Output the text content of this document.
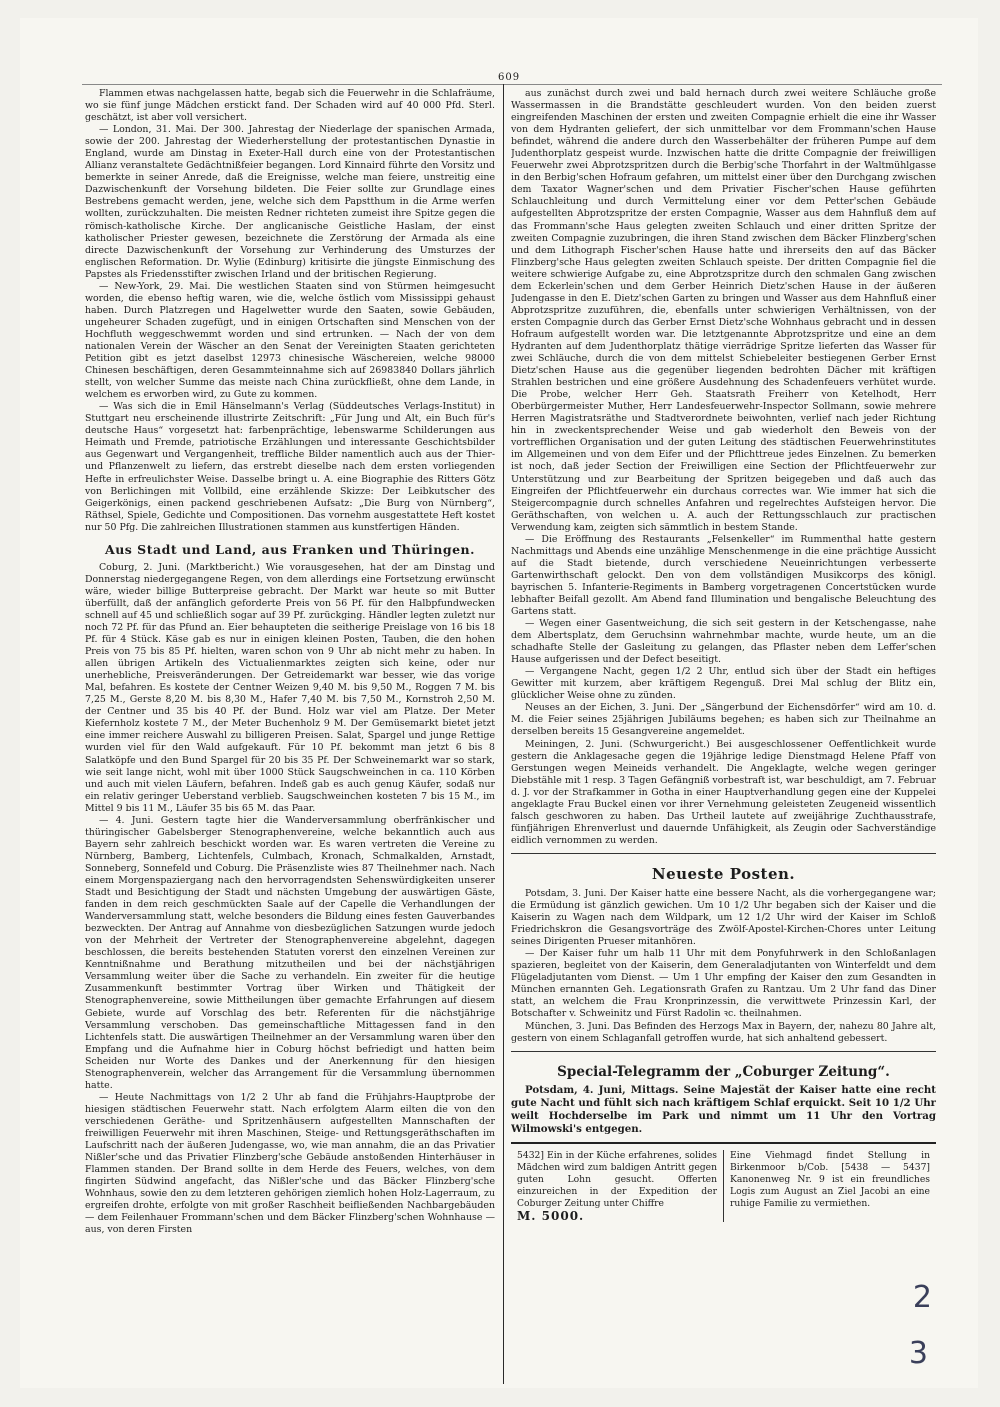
609

Flammen etwas nachgelassen hatte, begab sich die Feuerwehr in die Schlafräume, wo sie fünf junge Mädchen erstickt fand. Der Schaden wird auf 40 000 Pfd. Sterl. geschätzt, ist aber voll versichert.

— London, 31. Mai. Der 300. Jahrestag der Niederlage der spanischen Armada, sowie der 200. Jahrestag der Wiederherstellung der protestantischen Dynastie in England, wurde am Dinstag in Exeter-Hall durch eine von der Protestantischen Allianz veranstaltete Gedächtnißfeier begangen. Lord Kinnaird führte den Vorsitz und bemerkte in seiner Anrede, daß die Ereignisse, welche man feiere, unstreitig eine Dazwischenkunft der Vorsehung bildeten. Die Feier sollte zur Grundlage eines Bestrebens gemacht werden, jene, welche sich dem Papstthum in die Arme werfen wollten, zurückzuhalten. Die meisten Redner richteten zumeist ihre Spitze gegen die römisch-katholische Kirche. Der anglicanische Geistliche Haslam, der einst katholischer Priester gewesen, bezeichnete die Zerstörung der Armada als eine directe Dazwischenkunft der Vorsehung zur Verhinderung des Umsturzes der englischen Reformation. Dr. Wylie (Edinburg) kritisirte die jüngste Einmischung des Papstes als Friedensstifter zwischen Irland und der britischen Regierung.

— New-York, 29. Mai. Die westlichen Staaten sind von Stürmen heimgesucht worden, die ebenso heftig waren, wie die, welche östlich vom Mississippi gehaust haben. Durch Platzregen und Hagelwetter wurde den Saaten, sowie Gebäuden, ungeheurer Schaden zugefügt, und in einigen Ortschaften sind Menschen von der Hochfluth weggeschwemmt worden und sind ertrunken. — Nach der von dem nationalen Verein der Wäscher an den Senat der Vereinigten Staaten gerichteten Petition gibt es jetzt daselbst 12973 chinesische Wäschereien, welche 98000 Chinesen beschäftigen, deren Gesammteinnahme sich auf 26983840 Dollars jährlich stellt, von welcher Summe das meiste nach China zurückfließt, ohne dem Lande, in welchem es erworben wird, zu Gute zu kommen.

— Was sich die in Emil Hänselmann's Verlag (Süddeutsches Verlags-Institut) in Stuttgart neu erscheinende illustrirte Zeitschrift: „Für Jung und Alt, ein Buch für's deutsche Haus“ vorgesetzt hat: farbenprächtige, lebenswarme Schilderungen aus Heimath und Fremde, patriotische Erzählungen und interessante Geschichtsbilder aus Gegenwart und Vergangenheit, treffliche Bilder namentlich auch aus der Thier- und Pflanzenwelt zu liefern, das erstrebt dieselbe nach dem ersten vorliegenden Hefte in erfreulichster Weise. Dasselbe bringt u. A. eine Biographie des Ritters Götz von Berlichingen mit Vollbild, eine erzählende Skizze: Der Leibkutscher des Geigerkönigs, einen packend geschriebenen Aufsatz: „Die Burg von Nürnberg“, Räthsel, Spiele, Gedichte und Compositionen. Das vornehm ausgestattete Heft kostet nur 50 Pfg. Die zahlreichen Illustrationen stammen aus kunstfertigen Händen.

Aus Stadt und Land, aus Franken und Thüringen.

Coburg, 2. Juni. (Marktbericht.) Wie vorausgesehen, hat der am Dinstag und Donnerstag niedergegangene Regen, von dem allerdings eine Fortsetzung erwünscht wäre, wieder billige Butterpreise gebracht. Der Markt war heute so mit Butter überfüllt, daß der anfänglich geforderte Preis von 56 Pf. für den Halbpfundwecken schnell auf 45 und schließlich sogar auf 39 Pf. zurückging. Händler legten zuletzt nur noch 72 Pf. für das Pfund an. Eier behaupteten die seitherige Preislage von 16 bis 18 Pf. für 4 Stück. Käse gab es nur in einigen kleinen Posten, Tauben, die den hohen Preis von 75 bis 85 Pf. hielten, waren schon von 9 Uhr ab nicht mehr zu haben. In allen übrigen Artikeln des Victualienmarktes zeigten sich keine, oder nur unerhebliche, Preisveränderungen. Der Getreidemarkt war besser, wie das vorige Mal, befahren. Es kostete der Centner Weizen 9,40 M. bis 9,50 M., Roggen 7 M. bis 7,25 M., Gerste 8,20 M. bis 8,30 M., Hafer 7,40 M. bis 7,50 M., Kornstroh 2,50 M. der Centner und 35 bis 40 Pf. der Bund. Holz war viel am Platze. Der Meter Kiefernholz kostete 7 M., der Meter Buchenholz 9 M. Der Gemüsemarkt bietet jetzt eine immer reichere Auswahl zu billigeren Preisen. Salat, Spargel und junge Rettige wurden viel für den Wald aufgekauft. Für 10 Pf. bekommt man jetzt 6 bis 8 Salatköpfe und den Bund Spargel für 20 bis 35 Pf. Der Schweinemarkt war so stark, wie seit lange nicht, wohl mit über 1000 Stück Saugschweinchen in ca. 110 Körben und auch mit vielen Läufern, befahren. Indeß gab es auch genug Käufer, sodaß nur ein relativ geringer Ueberstand verblieb. Saugschweinchen kosteten 7 bis 15 M., im Mittel 9 bis 11 M., Läufer 35 bis 65 M. das Paar.

— 4. Juni. Gestern tagte hier die Wanderversammlung oberfränkischer und thüringischer Gabelsberger Stenographenvereine, welche bekanntlich auch aus Bayern sehr zahlreich beschickt worden war. Es waren vertreten die Vereine zu Nürnberg, Bamberg, Lichtenfels, Culmbach, Kronach, Schmalkalden, Arnstadt, Sonneberg, Sonnefeld und Coburg. Die Präsenzliste wies 87 Theilnehmer nach. Nach einem Morgenspaziergang nach den hervorragendsten Sehenswürdigkeiten unserer Stadt und Besichtigung der Stadt und nächsten Umgebung der auswärtigen Gäste, fanden in dem reich geschmückten Saale auf der Capelle die Verhandlungen der Wanderversammlung statt, welche besonders die Bildung eines festen Gauverbandes bezweckten. Der Antrag auf Annahme von diesbezüglichen Satzungen wurde jedoch von der Mehrheit der Vertreter der Stenographenvereine abgelehnt, dagegen beschlossen, die bereits bestehenden Statuten vorerst den einzelnen Vereinen zur Kenntnißnahme und Berathung mitzutheilen und bei der nächstjährigen Versammlung weiter über die Sache zu verhandeln. Ein zweiter für die heutige Zusammenkunft bestimmter Vortrag über Wirken und Thätigkeit der Stenographenvereine, sowie Mittheilungen über gemachte Erfahrungen auf diesem Gebiete, wurde auf Vorschlag des betr. Referenten für die nächstjährige Versammlung verschoben. Das gemeinschaftliche Mittagessen fand in den Lichtenfels statt. Die auswärtigen Theilnehmer an der Versammlung waren über den Empfang und die Aufnahme hier in Coburg höchst befriedigt und hatten beim Scheiden nur Worte des Dankes und der Anerkennung für den hiesigen Stenographenverein, welcher das Arrangement für die Versammlung übernommen hatte.

— Heute Nachmittags von 1/2 2 Uhr ab fand die Frühjahrs-Hauptprobe der hiesigen städtischen Feuerwehr statt. Nach erfolgtem Alarm eilten die von den verschiedenen Geräthe- und Spritzenhäusern aufgestellten Mannschaften der freiwilligen Feuerwehr mit ihren Maschinen, Steige- und Rettungsgeräthschaften im Laufschritt nach der äußeren Judengasse, wo, wie man annahm, die an das Privatier Nißler'sche und das Privatier Flinzberg'sche Gebäude anstoßenden Hinterhäuser in Flammen standen. Der Brand sollte in dem Herde des Feuers, welches, von dem fingirten Südwind angefacht, das Nißler'sche und das Bäcker Flinzberg'sche Wohnhaus, sowie den zu dem letzteren gehörigen ziemlich hohen Holz-Lagerraum, zu ergreifen drohte, erfolgte von mit großer Raschheit beifließenden Nachbargebäuden — dem Feilenhauer Frommann'schen und dem Bäcker Flinzberg'schen Wohnhause — aus, von deren Firsten

aus zunächst durch zwei und bald hernach durch zwei weitere Schläuche große Wassermassen in die Brandstätte geschleudert wurden. Von den beiden zuerst eingreifenden Maschinen der ersten und zweiten Compagnie erhielt die eine ihr Wasser von dem Hydranten geliefert, der sich unmittelbar vor dem Frommann'schen Hause befindet, während die andere durch den Wasserbehälter der früheren Pumpe auf dem Judenthorplatz gespeist wurde. Inzwischen hatte die dritte Compagnie der freiwilligen Feuerwehr zwei Abprotzspritzen durch die Berbig'sche Thorfahrt in der Waltmühlgasse in den Berbig'schen Hofraum gefahren, um mittelst einer über den Durchgang zwischen dem Taxator Wagner'schen und dem Privatier Fischer'schen Hause geführten Schlauchleitung und durch Vermittelung einer vor dem Petter'schen Gebäude aufgestellten Abprotzspritze der ersten Compagnie, Wasser aus dem Hahnfluß dem auf das Frommann'sche Haus gelegten zweiten Schlauch und einer dritten Spritze der zweiten Compagnie zuzubringen, die ihren Stand zwischen dem Bäcker Flinzberg'schen und dem Lithograph Fischer'schen Hause hatte und ihrerseits den auf das Bäcker Flinzberg'sche Haus gelegten zweiten Schlauch speiste. Der dritten Compagnie fiel die weitere schwierige Aufgabe zu, eine Abprotzspritze durch den schmalen Gang zwischen dem Eckerlein'schen und dem Gerber Heinrich Dietz'schen Hause in der äußeren Judengasse in den E. Dietz'schen Garten zu bringen und Wasser aus dem Hahnfluß einer Abprotzspritze zuzuführen, die, ebenfalls unter schwierigen Verhältnissen, von der ersten Compagnie durch das Gerber Ernst Dietz'sche Wohnhaus gebracht und in dessen Hofraum aufgestellt worden war. Die letztgenannte Abprotzspritze und eine an dem Hydranten auf dem Judenthorplatz thätige vierrädrige Spritze lieferten das Wasser für zwei Schläuche, durch die von dem mittelst Schiebeleiter bestiegenen Gerber Ernst Dietz'schen Hause aus die gegenüber liegenden bedrohten Dächer mit kräftigen Strahlen bestrichen und eine größere Ausdehnung des Schadenfeuers verhütet wurde. Die Probe, welcher Herr Geh. Staatsrath Freiherr von Ketelhodt, Herr Oberbürgermeister Muther, Herr Landesfeuerwehr-Inspector Sollmann, sowie mehrere Herren Magistratsräthe und Stadtverordnete beiwohnten, verlief nach jeder Richtung hin in zweckentsprechender Weise und gab wiederholt den Beweis von der vortrefflichen Organisation und der guten Leitung des städtischen Feuerwehrinstitutes im Allgemeinen und von dem Eifer und der Pflichttreue jedes Einzelnen. Zu bemerken ist noch, daß jeder Section der Freiwilligen eine Section der Pflichtfeuerwehr zur Unterstützung und zur Bearbeitung der Spritzen beigegeben und daß auch das Eingreifen der Pflichtfeuerwehr ein durchaus correctes war. Wie immer hat sich die Steigercompagnie durch schnelles Anfahren und regelrechtes Aufsteigen hervor. Die Geräthschaften, von welchen u. A. auch der Rettungsschlauch zur practischen Verwendung kam, zeigten sich sämmtlich in bestem Stande.

— Die Eröffnung des Restaurants „Felsenkeller“ im Rummenthal hatte gestern Nachmittags und Abends eine unzählige Menschenmenge in die eine prächtige Aussicht auf die Stadt bietende, durch verschiedene Neueinrichtungen verbesserte Gartenwirthschaft gelockt. Den von dem vollständigen Musikcorps des königl. bayrischen 5. Infanterie-Regiments in Bamberg vorgetragenen Concertstücken wurde lebhafter Beifall gezollt. Am Abend fand Illumination und bengalische Beleuchtung des Gartens statt.

— Wegen einer Gasentweichung, die sich seit gestern in der Ketschengasse, nahe dem Albertsplatz, dem Geruchsinn wahrnehmbar machte, wurde heute, um an die schadhafte Stelle der Gasleitung zu gelangen, das Pflaster neben dem Leffer'schen Hause aufgerissen und der Defect beseitigt.

— Vergangene Nacht, gegen 1/2 2 Uhr, entlud sich über der Stadt ein heftiges Gewitter mit kurzem, aber kräftigem Regenguß. Drei Mal schlug der Blitz ein, glücklicher Weise ohne zu zünden.

Neuses an der Eichen, 3. Juni. Der „Sängerbund der Eichensdörfer“ wird am 10. d. M. die Feier seines 25jährigen Jubiläums begehen; es haben sich zur Theilnahme an derselben bereits 15 Gesangvereine angemeldet.

Meiningen, 2. Juni. (Schwurgericht.) Bei ausgeschlossener Oeffentlichkeit wurde gestern die Anklagesache gegen die 19jährige ledige Dienstmagd Helene Pfaff von Gerstungen wegen Meineids verhandelt. Die Angeklagte, welche wegen geringer Diebstähle mit 1 resp. 3 Tagen Gefängniß vorbestraft ist, war beschuldigt, am 7. Februar d. J. vor der Strafkammer in Gotha in einer Hauptverhandlung gegen eine der Kuppelei angeklagte Frau Buckel einen vor ihrer Vernehmung geleisteten Zeugeneid wissentlich falsch geschworen zu haben. Das Urtheil lautete auf zweijährige Zuchthausstrafe, fünfjährigen Ehrenverlust und dauernde Unfähigkeit, als Zeugin oder Sachverständige eidlich vernommen zu werden.

Neueste Posten.

Potsdam, 3. Juni. Der Kaiser hatte eine bessere Nacht, als die vorhergegangene war; die Ermüdung ist gänzlich gewichen. Um 10 1/2 Uhr begaben sich der Kaiser und die Kaiserin zu Wagen nach dem Wildpark, um 12 1/2 Uhr wird der Kaiser im Schloß Friedrichskron die Gesangsvorträge des Zwölf-Apostel-Kirchen-Chores unter Leitung seines Dirigenten Prueser mitanhören.

— Der Kaiser fuhr um halb 11 Uhr mit dem Ponyfuhrwerk in den Schloßanlagen spazieren, begleitet von der Kaiserin, dem Generaladjutanten von Winterfeldt und dem Flügeladjutanten vom Dienst. — Um 1 Uhr empfing der Kaiser den zum Gesandten in München ernannten Geh. Legationsrath Grafen zu Rantzau. Um 2 Uhr fand das Diner statt, an welchem die Frau Kronprinzessin, die verwittwete Prinzessin Karl, der Botschafter v. Schweinitz und Fürst Radolin ꝛc. theilnahmen.

München, 3. Juni. Das Befinden des Herzogs Max in Bayern, der, nahezu 80 Jahre alt, gestern von einem Schlaganfall getroffen wurde, hat sich anhaltend gebessert.

Special-Telegramm der „Coburger Zeitung“.

Potsdam, 4. Juni, Mittags. Seine Majestät der Kaiser hatte eine recht gute Nacht und fühlt sich nach kräftigem Schlaf erquickt. Seit 10 1/2 Uhr weilt Hochderselbe im Park und nimmt um 11 Uhr den Vortrag Wilmowski's entgegen.

5432] Ein in der Küche erfahrenes, solides Mädchen wird zum baldigen Antritt gegen guten Lohn gesucht. Offerten einzureichen in der Expedition der Coburger Zeitung unter Chiffre
M. 5000.
Eine Viehmagd findet Stellung in Birkenmoor b/Cob. [5438 — 5437] Kanonenweg Nr. 9 ist ein freundliches Logis zum August an Ziel Jacobi an eine ruhige Familie zu vermiethen.
2
3
